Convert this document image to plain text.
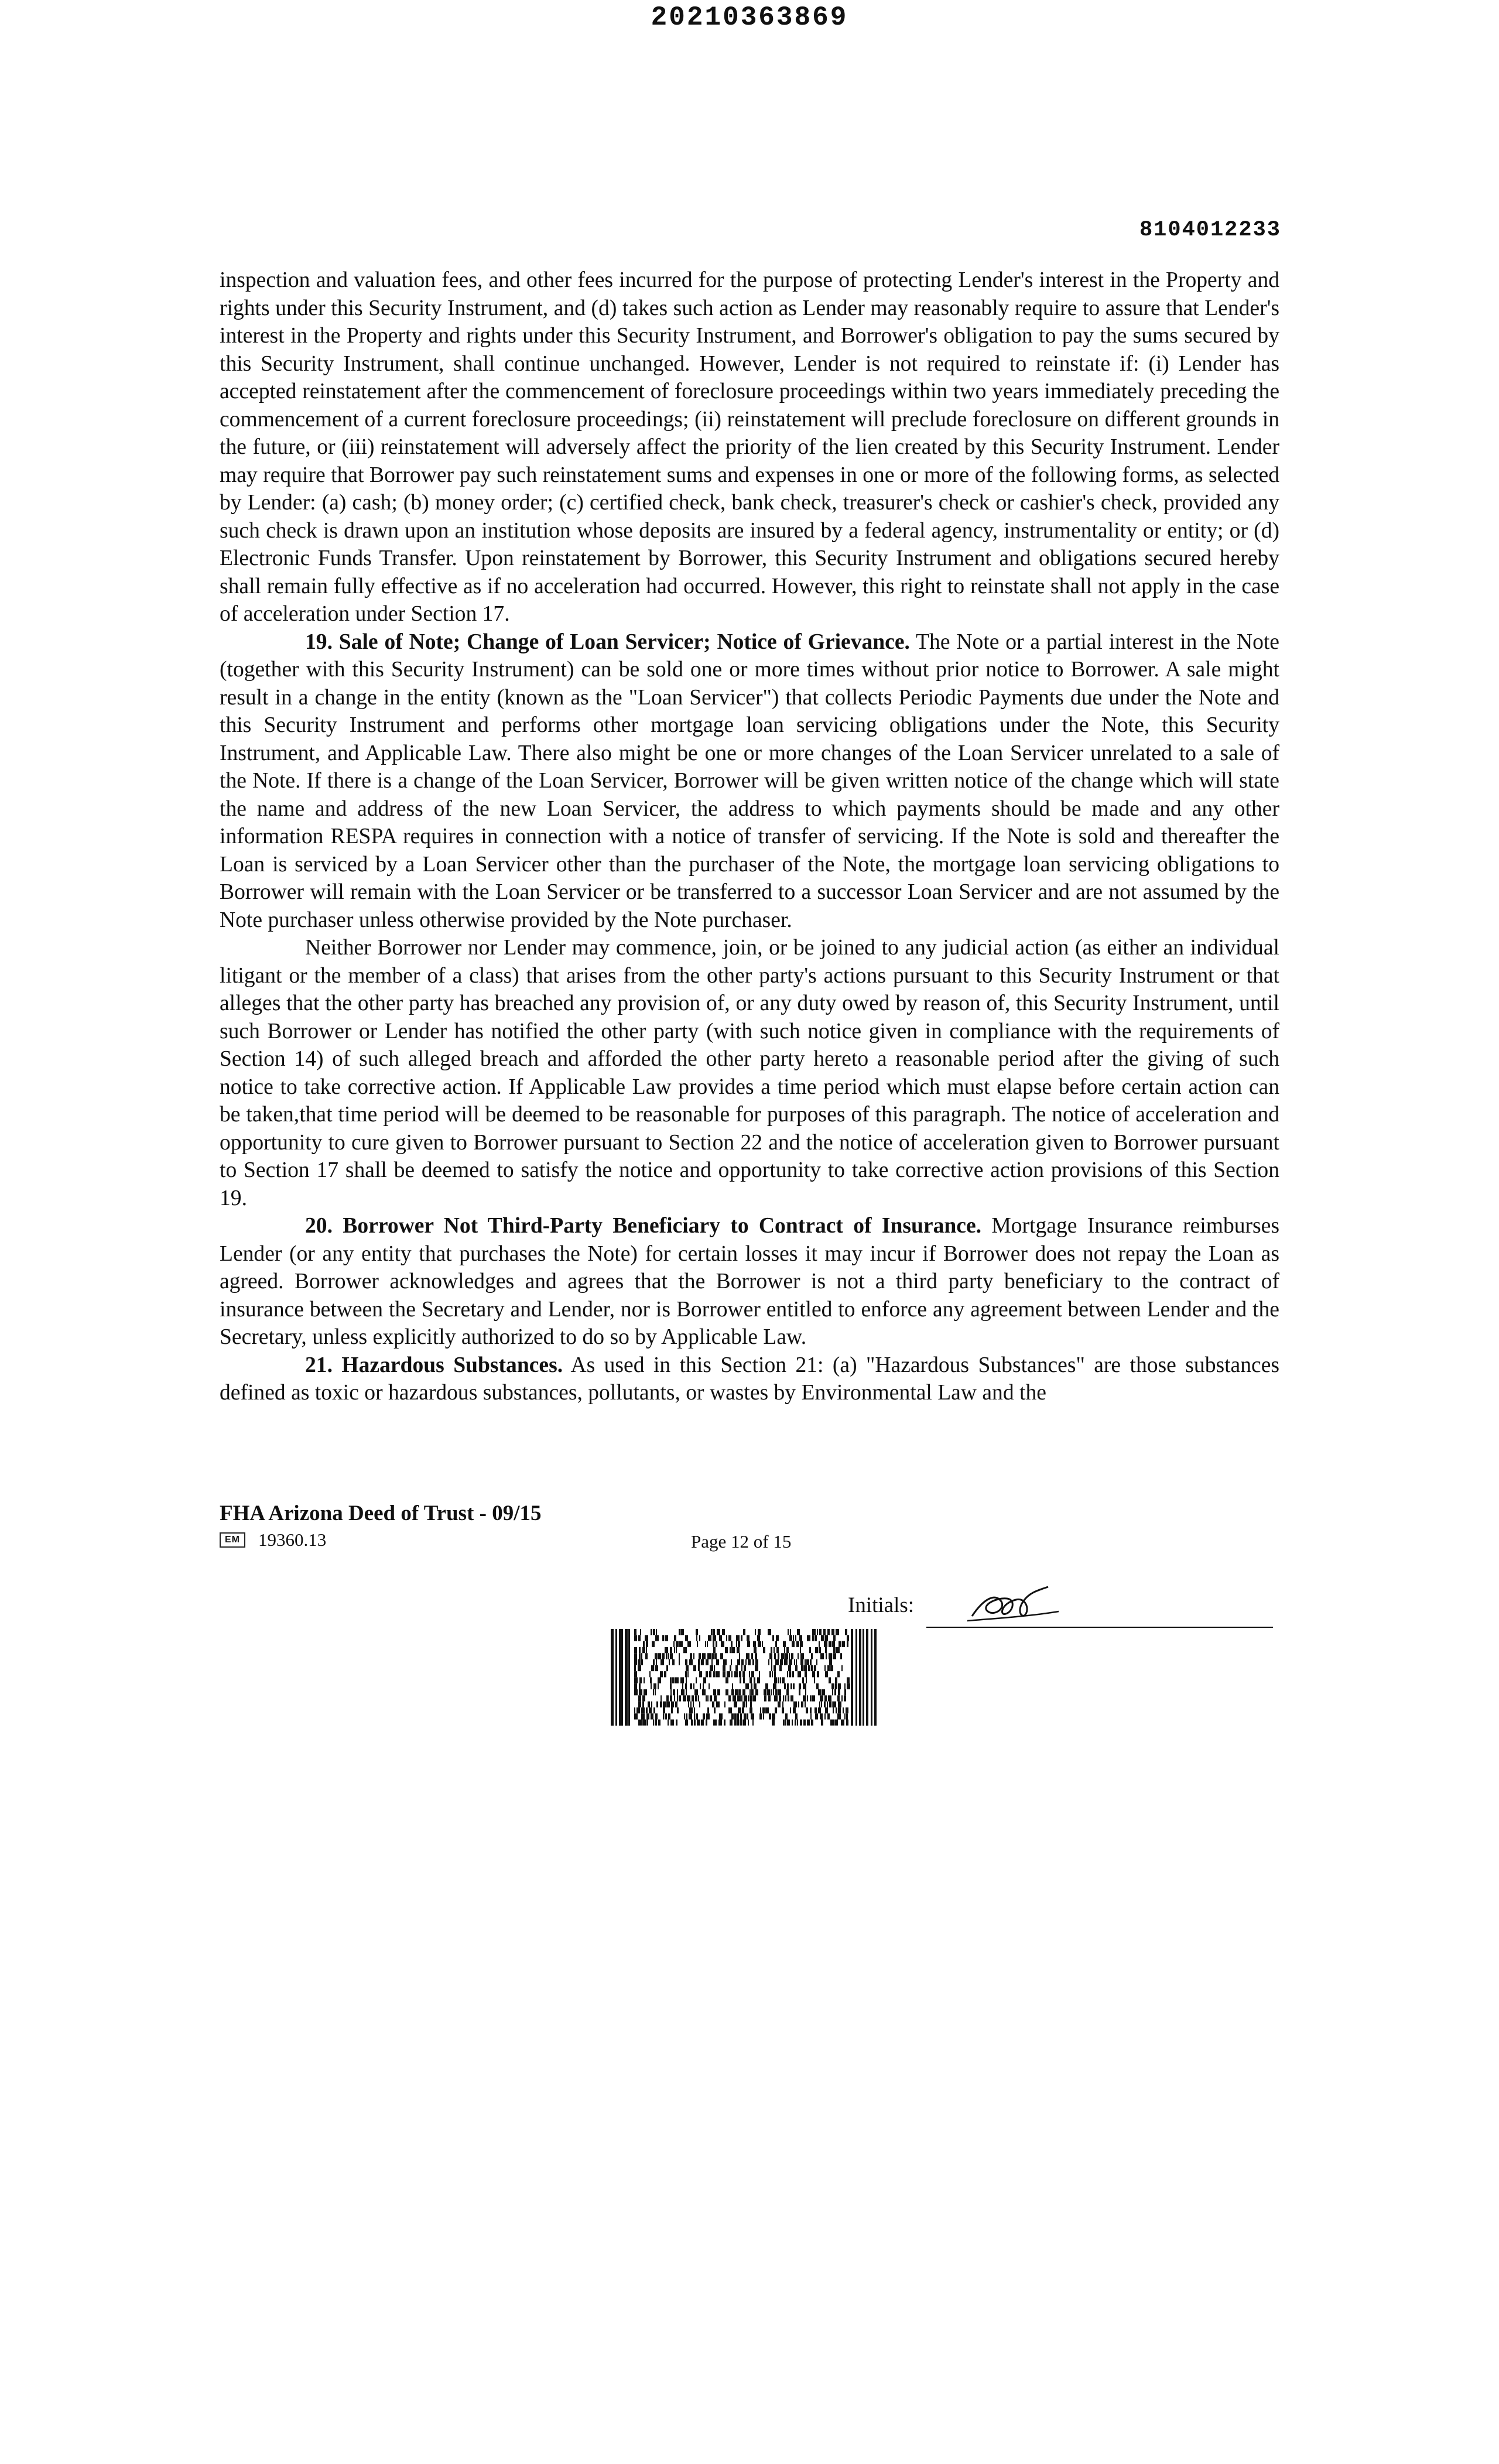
20210363869
8104012233

inspection and valuation fees, and other fees incurred for the purpose of protecting Lender's interest in the Property and rights under this Security Instrument, and (d) takes such action as Lender may reasonably require to assure that Lender's interest in the Property and rights under this Security Instrument, and Borrower's obligation to pay the sums secured by this Security Instrument, shall continue unchanged. However, Lender is not required to reinstate if: (i) Lender has accepted reinstatement after the commencement of foreclosure proceedings within two years immediately preceding the commencement of a current foreclosure proceedings; (ii) reinstatement will preclude foreclosure on different grounds in the future, or (iii) reinstatement will adversely affect the priority of the lien created by this Security Instrument. Lender may require that Borrower pay such reinstatement sums and expenses in one or more of the following forms, as selected by Lender: (a) cash; (b) money order; (c) certified check, bank check, treasurer's check or cashier's check, provided any such check is drawn upon an institution whose deposits are insured by a federal agency, instrumentality or entity; or (d) Electronic Funds Transfer. Upon reinstatement by Borrower, this Security Instrument and obligations secured hereby shall remain fully effective as if no acceleration had occurred. However, this right to reinstate shall not apply in the case of acceleration under Section 17.

19. Sale of Note; Change of Loan Servicer; Notice of Grievance. The Note or a partial interest in the Note (together with this Security Instrument) can be sold one or more times without prior notice to Borrower. A sale might result in a change in the entity (known as the "Loan Servicer") that collects Periodic Payments due under the Note and this Security Instrument and performs other mortgage loan servicing obligations under the Note, this Security Instrument, and Applicable Law. There also might be one or more changes of the Loan Servicer unrelated to a sale of the Note. If there is a change of the Loan Servicer, Borrower will be given written notice of the change which will state the name and address of the new Loan Servicer, the address to which payments should be made and any other information RESPA requires in connection with a notice of transfer of servicing. If the Note is sold and thereafter the Loan is serviced by a Loan Servicer other than the purchaser of the Note, the mortgage loan servicing obligations to Borrower will remain with the Loan Servicer or be transferred to a successor Loan Servicer and are not assumed by the Note purchaser unless otherwise provided by the Note purchaser.

Neither Borrower nor Lender may commence, join, or be joined to any judicial action (as either an individual litigant or the member of a class) that arises from the other party's actions pursuant to this Security Instrument or that alleges that the other party has breached any provision of, or any duty owed by reason of, this Security Instrument, until such Borrower or Lender has notified the other party (with such notice given in compliance with the requirements of Section 14) of such alleged breach and afforded the other party hereto a reasonable period after the giving of such notice to take corrective action. If Applicable Law provides a time period which must elapse before certain action can be taken,that time period will be deemed to be reasonable for purposes of this paragraph. The notice of acceleration and opportunity to cure given to Borrower pursuant to Section 22 and the notice of acceleration given to Borrower pursuant to Section 17 shall be deemed to satisfy the notice and opportunity to take corrective action provisions of this Section 19.

20. Borrower Not Third-Party Beneficiary to Contract of Insurance. Mortgage Insurance reimburses Lender (or any entity that purchases the Note) for certain losses it may incur if Borrower does not repay the Loan as agreed. Borrower acknowledges and agrees that the Borrower is not a third party beneficiary to the contract of insurance between the Secretary and Lender, nor is Borrower entitled to enforce any agreement between Lender and the Secretary, unless explicitly authorized to do so by Applicable Law.

21. Hazardous Substances. As used in this Section 21: (a) "Hazardous Substances" are those substances defined as toxic or hazardous substances, pollutants, or wastes by Environmental Law and the

FHA Arizona Deed of Trust - 09/15
EM 19360.13	Page 12 of 15
Initials:
